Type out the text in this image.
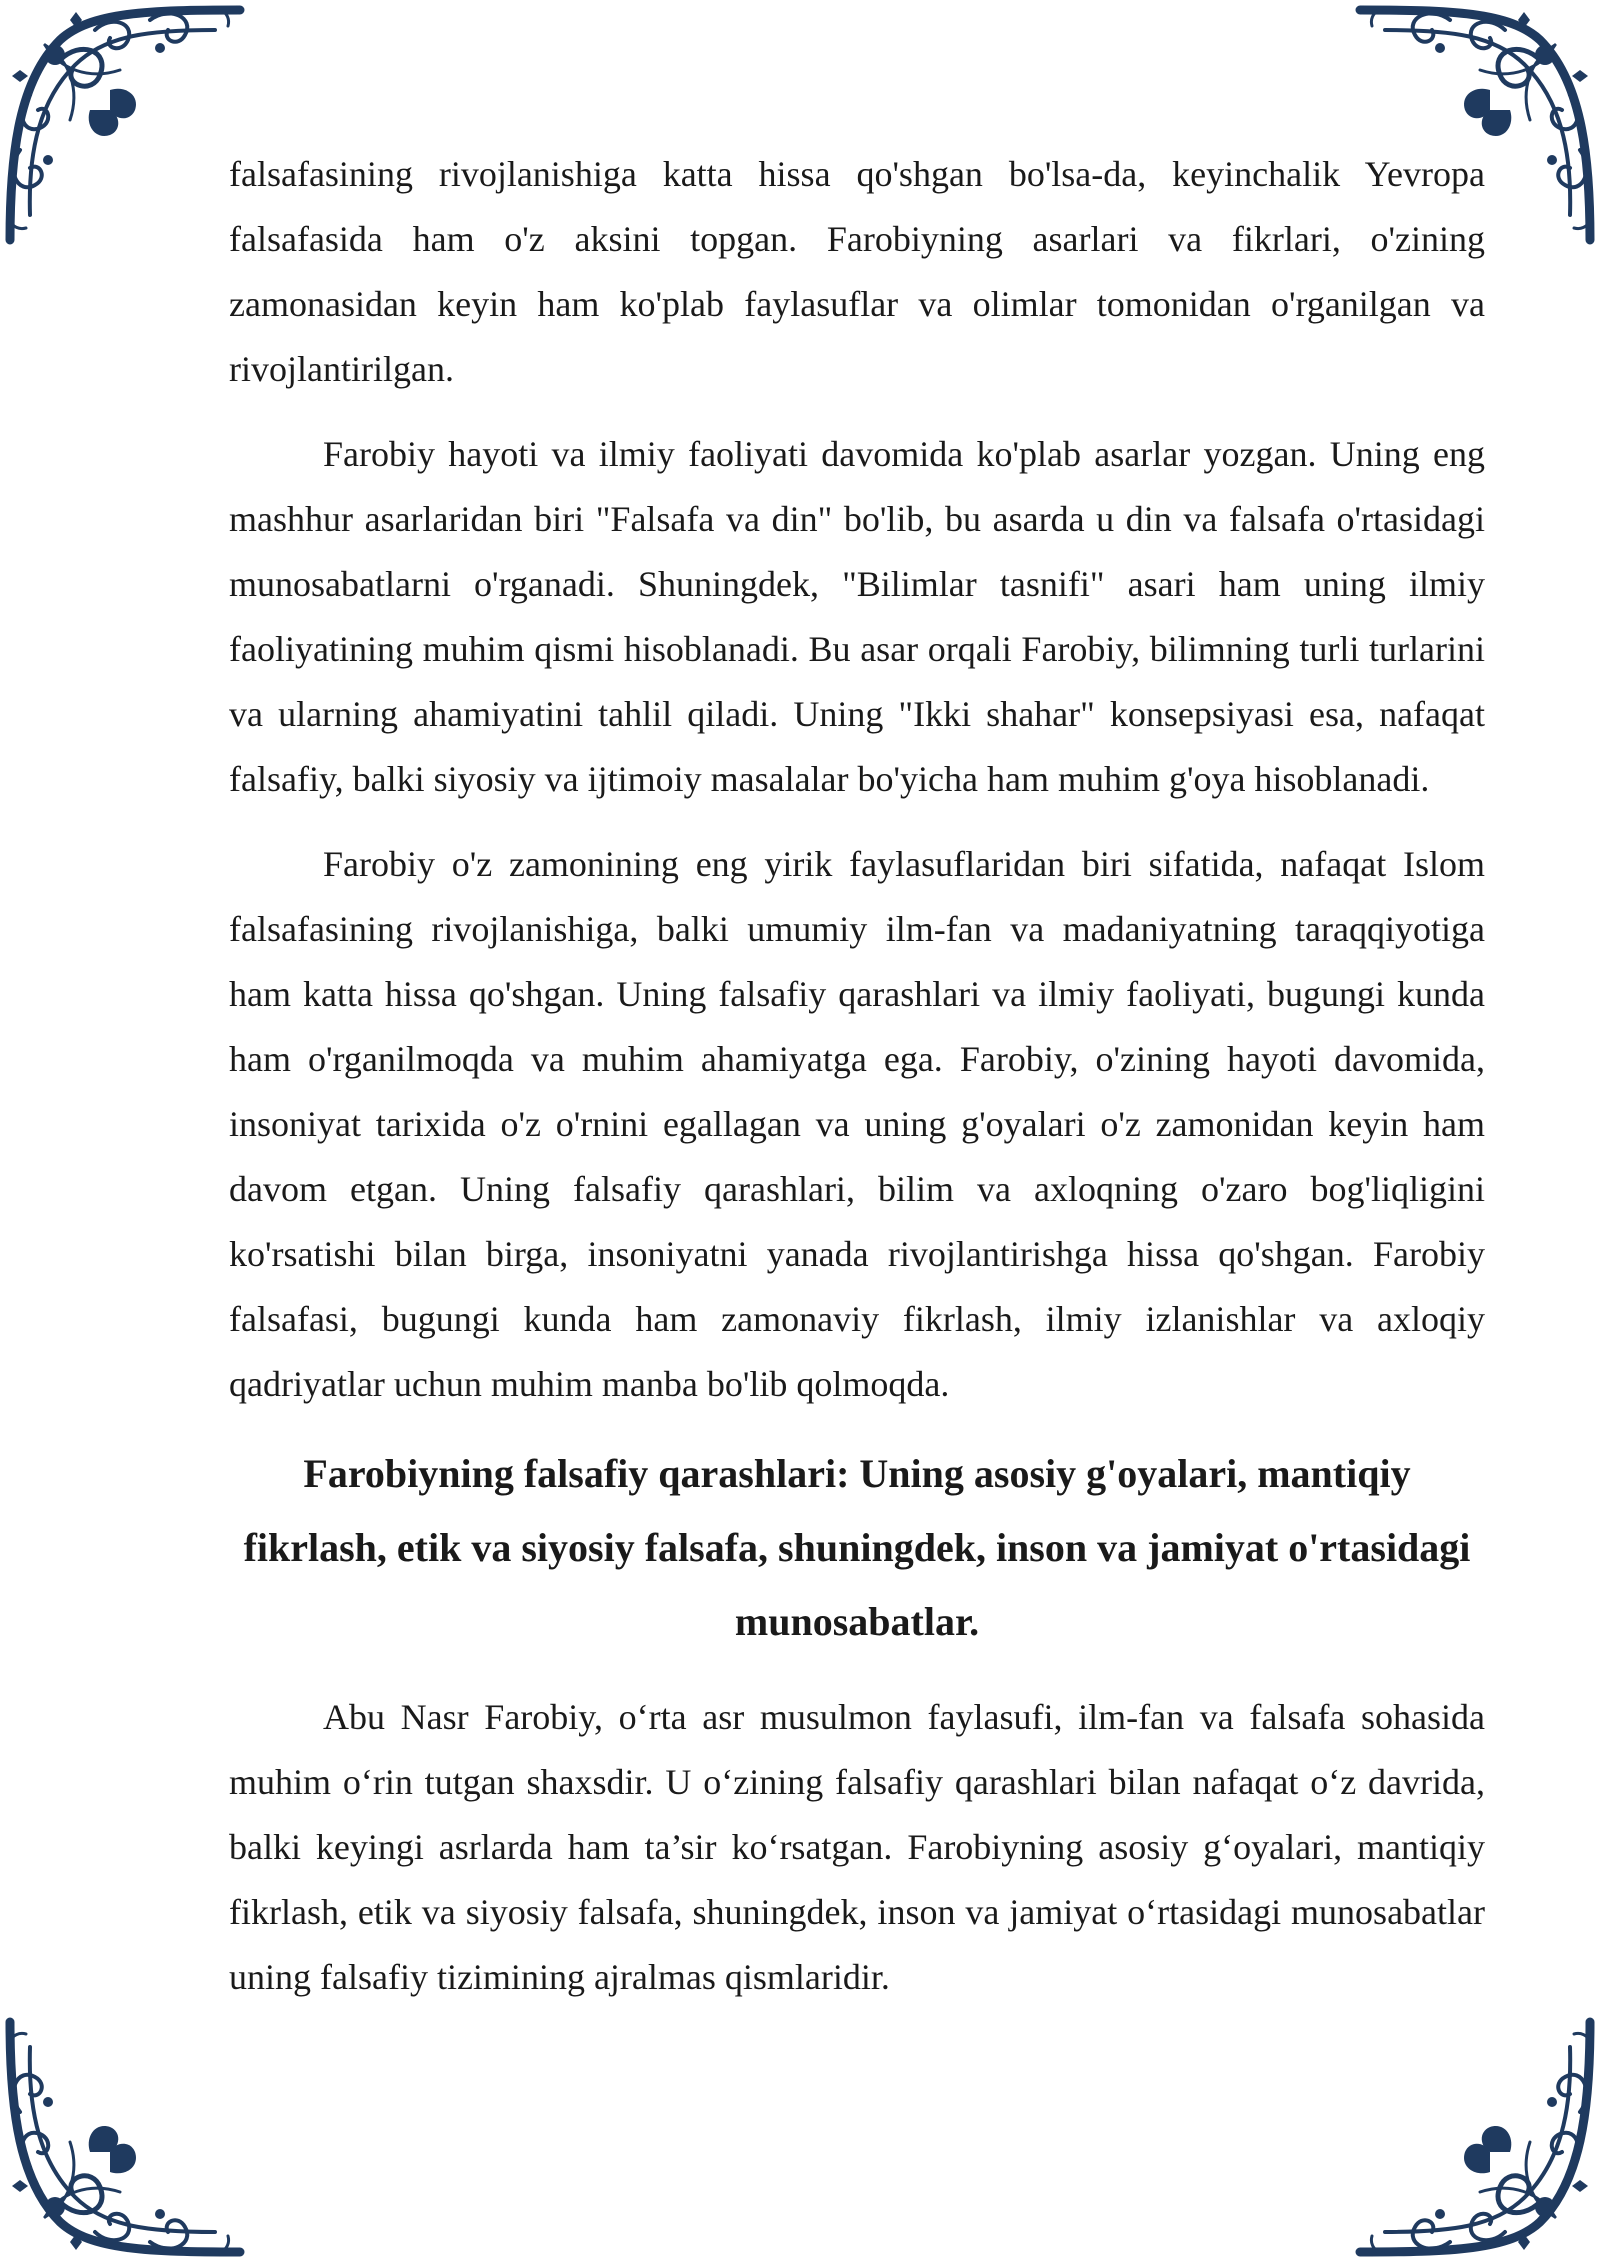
falsafasining rivojlanishiga katta hissa qo'shgan bo'lsa-da, keyinchalik Yevropa falsafasida ham o'z aksini topgan. Farobiyning asarlari va fikrlari, o'zining zamonasidan keyin ham ko'plab faylasuflar va olimlar tomonidan o'rganilgan va rivojlantirilgan.

Farobiy hayoti va ilmiy faoliyati davomida ko'plab asarlar yozgan. Uning eng mashhur asarlaridan biri "Falsafa va din" bo'lib, bu asarda u din va falsafa o'rtasidagi munosabatlarni o'rganadi. Shuningdek, "Bilimlar tasnifi" asari ham uning ilmiy faoliyatining muhim qismi hisoblanadi. Bu asar orqali Farobiy, bilimning turli turlarini va ularning ahamiyatini tahlil qiladi. Uning "Ikki shahar" konsepsiyasi esa, nafaqat falsafiy, balki siyosiy va ijtimoiy masalalar bo'yicha ham muhim g'oya hisoblanadi.

Farobiy o'z zamonining eng yirik faylasuflaridan biri sifatida, nafaqat Islom falsafasining rivojlanishiga, balki umumiy ilm-fan va madaniyatning taraqqiyotiga ham katta hissa qo'shgan. Uning falsafiy qarashlari va ilmiy faoliyati, bugungi kunda ham o'rganilmoqda va muhim ahamiyatga ega. Farobiy, o'zining hayoti davomida, insoniyat tarixida o'z o'rnini egallagan va uning g'oyalari o'z zamonidan keyin ham davom etgan. Uning falsafiy qarashlari, bilim va axloqning o'zaro bog'liqligini ko'rsatishi bilan birga, insoniyatni yanada rivojlantirishga hissa qo'shgan. Farobiy falsafasi, bugungi kunda ham zamonaviy fikrlash, ilmiy izlanishlar va axloqiy qadriyatlar uchun muhim manba bo'lib qolmoqda.

Farobiyning falsafiy qarashlari: Uning asosiy g'oyalari, mantiqiy fikrlash, etik va siyosiy falsafa, shuningdek, inson va jamiyat o'rtasidagi munosabatlar.

Abu Nasr Farobiy, o‘rta asr musulmon faylasufi, ilm-fan va falsafa sohasida muhim o‘rin tutgan shaxsdir. U o‘zining falsafiy qarashlari bilan nafaqat o‘z davrida, balki keyingi asrlarda ham ta’sir ko‘rsatgan. Farobiyning asosiy g‘oyalari, mantiqiy fikrlash, etik va siyosiy falsafa, shuningdek, inson va jamiyat o‘rtasidagi munosabatlar uning falsafiy tizimining ajralmas qismlaridir.
